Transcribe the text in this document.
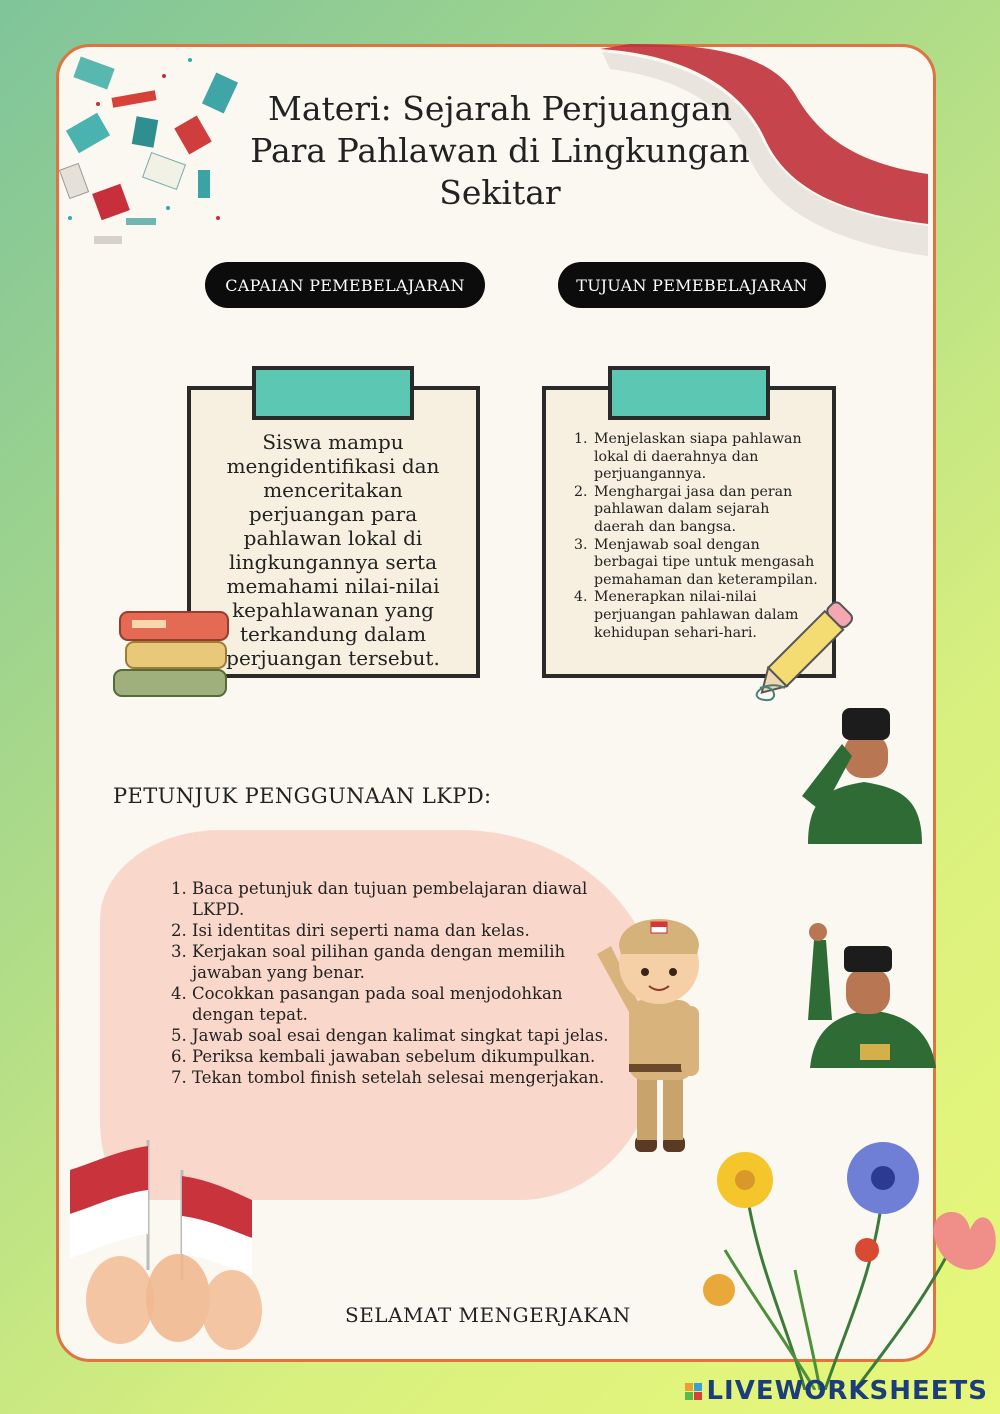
Materi: Sejarah Perjuangan Para Pahlawan di Lingkungan Sekitar
CAPAIAN PEMEBELAJARAN	TUJUAN PEMEBELAJARAN
Siswa mampu mengidentifikasi dan menceritakan perjuangan para pahlawan lokal di lingkungannya serta memahami nilai-nilai kepahlawanan yang terkandung dalam perjuangan tersebut.
1. Menjelaskan siapa pahlawan lokal di daerahnya dan perjuangannya.
2. Menghargai jasa dan peran pahlawan dalam sejarah daerah dan bangsa.
3. Menjawab soal dengan berbagai tipe untuk mengasah pemahaman dan keterampilan.
4. Menerapkan nilai-nilai perjuangan pahlawan dalam kehidupan sehari-hari.
PETUNJUK PENGGUNAAN LKPD:
1. Baca petunjuk dan tujuan pembelajaran diawal LKPD.
2. Isi identitas diri seperti nama dan kelas.
3. Kerjakan soal pilihan ganda dengan memilih jawaban yang benar.
4. Cocokkan pasangan pada soal menjodohkan dengan tepat.
5. Jawab soal esai dengan kalimat singkat tapi jelas.
6. Periksa kembali jawaban sebelum dikumpulkan.
7. Tekan tombol finish setelah selesai mengerjakan.
SELAMAT MENGERJAKAN
LIVEWORKSHEETS
